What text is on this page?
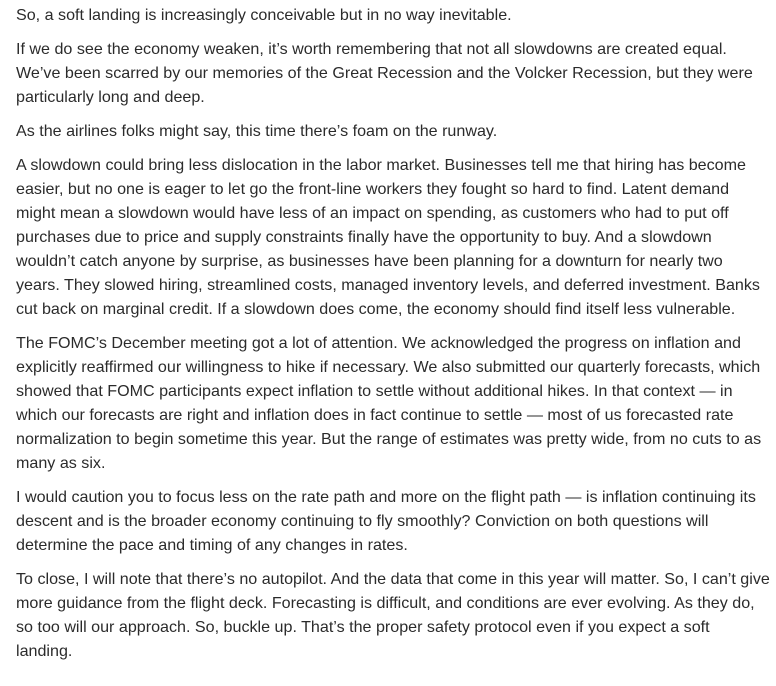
So, a soft landing is increasingly conceivable but in no way inevitable.

If we do see the economy weaken, it’s worth remembering that not all slowdowns are created equal. We’ve been scarred by our memories of the Great Recession and the Volcker Recession, but they were particularly long and deep.

As the airlines folks might say, this time there’s foam on the runway.

A slowdown could bring less dislocation in the labor market. Businesses tell me that hiring has become easier, but no one is eager to let go the front-line workers they fought so hard to find. Latent demand might mean a slowdown would have less of an impact on spending, as customers who had to put off purchases due to price and supply constraints finally have the opportunity to buy. And a slowdown wouldn’t catch anyone by surprise, as businesses have been planning for a downturn for nearly two years. They slowed hiring, streamlined costs, managed inventory levels, and deferred investment. Banks cut back on marginal credit. If a slowdown does come, the economy should find itself less vulnerable.

The FOMC’s December meeting got a lot of attention. We acknowledged the progress on inflation and explicitly reaffirmed our willingness to hike if necessary. We also submitted our quarterly forecasts, which showed that FOMC participants expect inflation to settle without additional hikes. In that context — in which our forecasts are right and inflation does in fact continue to settle — most of us forecasted rate normalization to begin sometime this year. But the range of estimates was pretty wide, from no cuts to as many as six.

I would caution you to focus less on the rate path and more on the flight path — is inflation continuing its descent and is the broader economy continuing to fly smoothly? Conviction on both questions will determine the pace and timing of any changes in rates.

To close, I will note that there’s no autopilot. And the data that come in this year will matter. So, I can’t give more guidance from the flight deck. Forecasting is difficult, and conditions are ever evolving. As they do, so too will our approach. So, buckle up. That’s the proper safety protocol even if you expect a soft landing.
